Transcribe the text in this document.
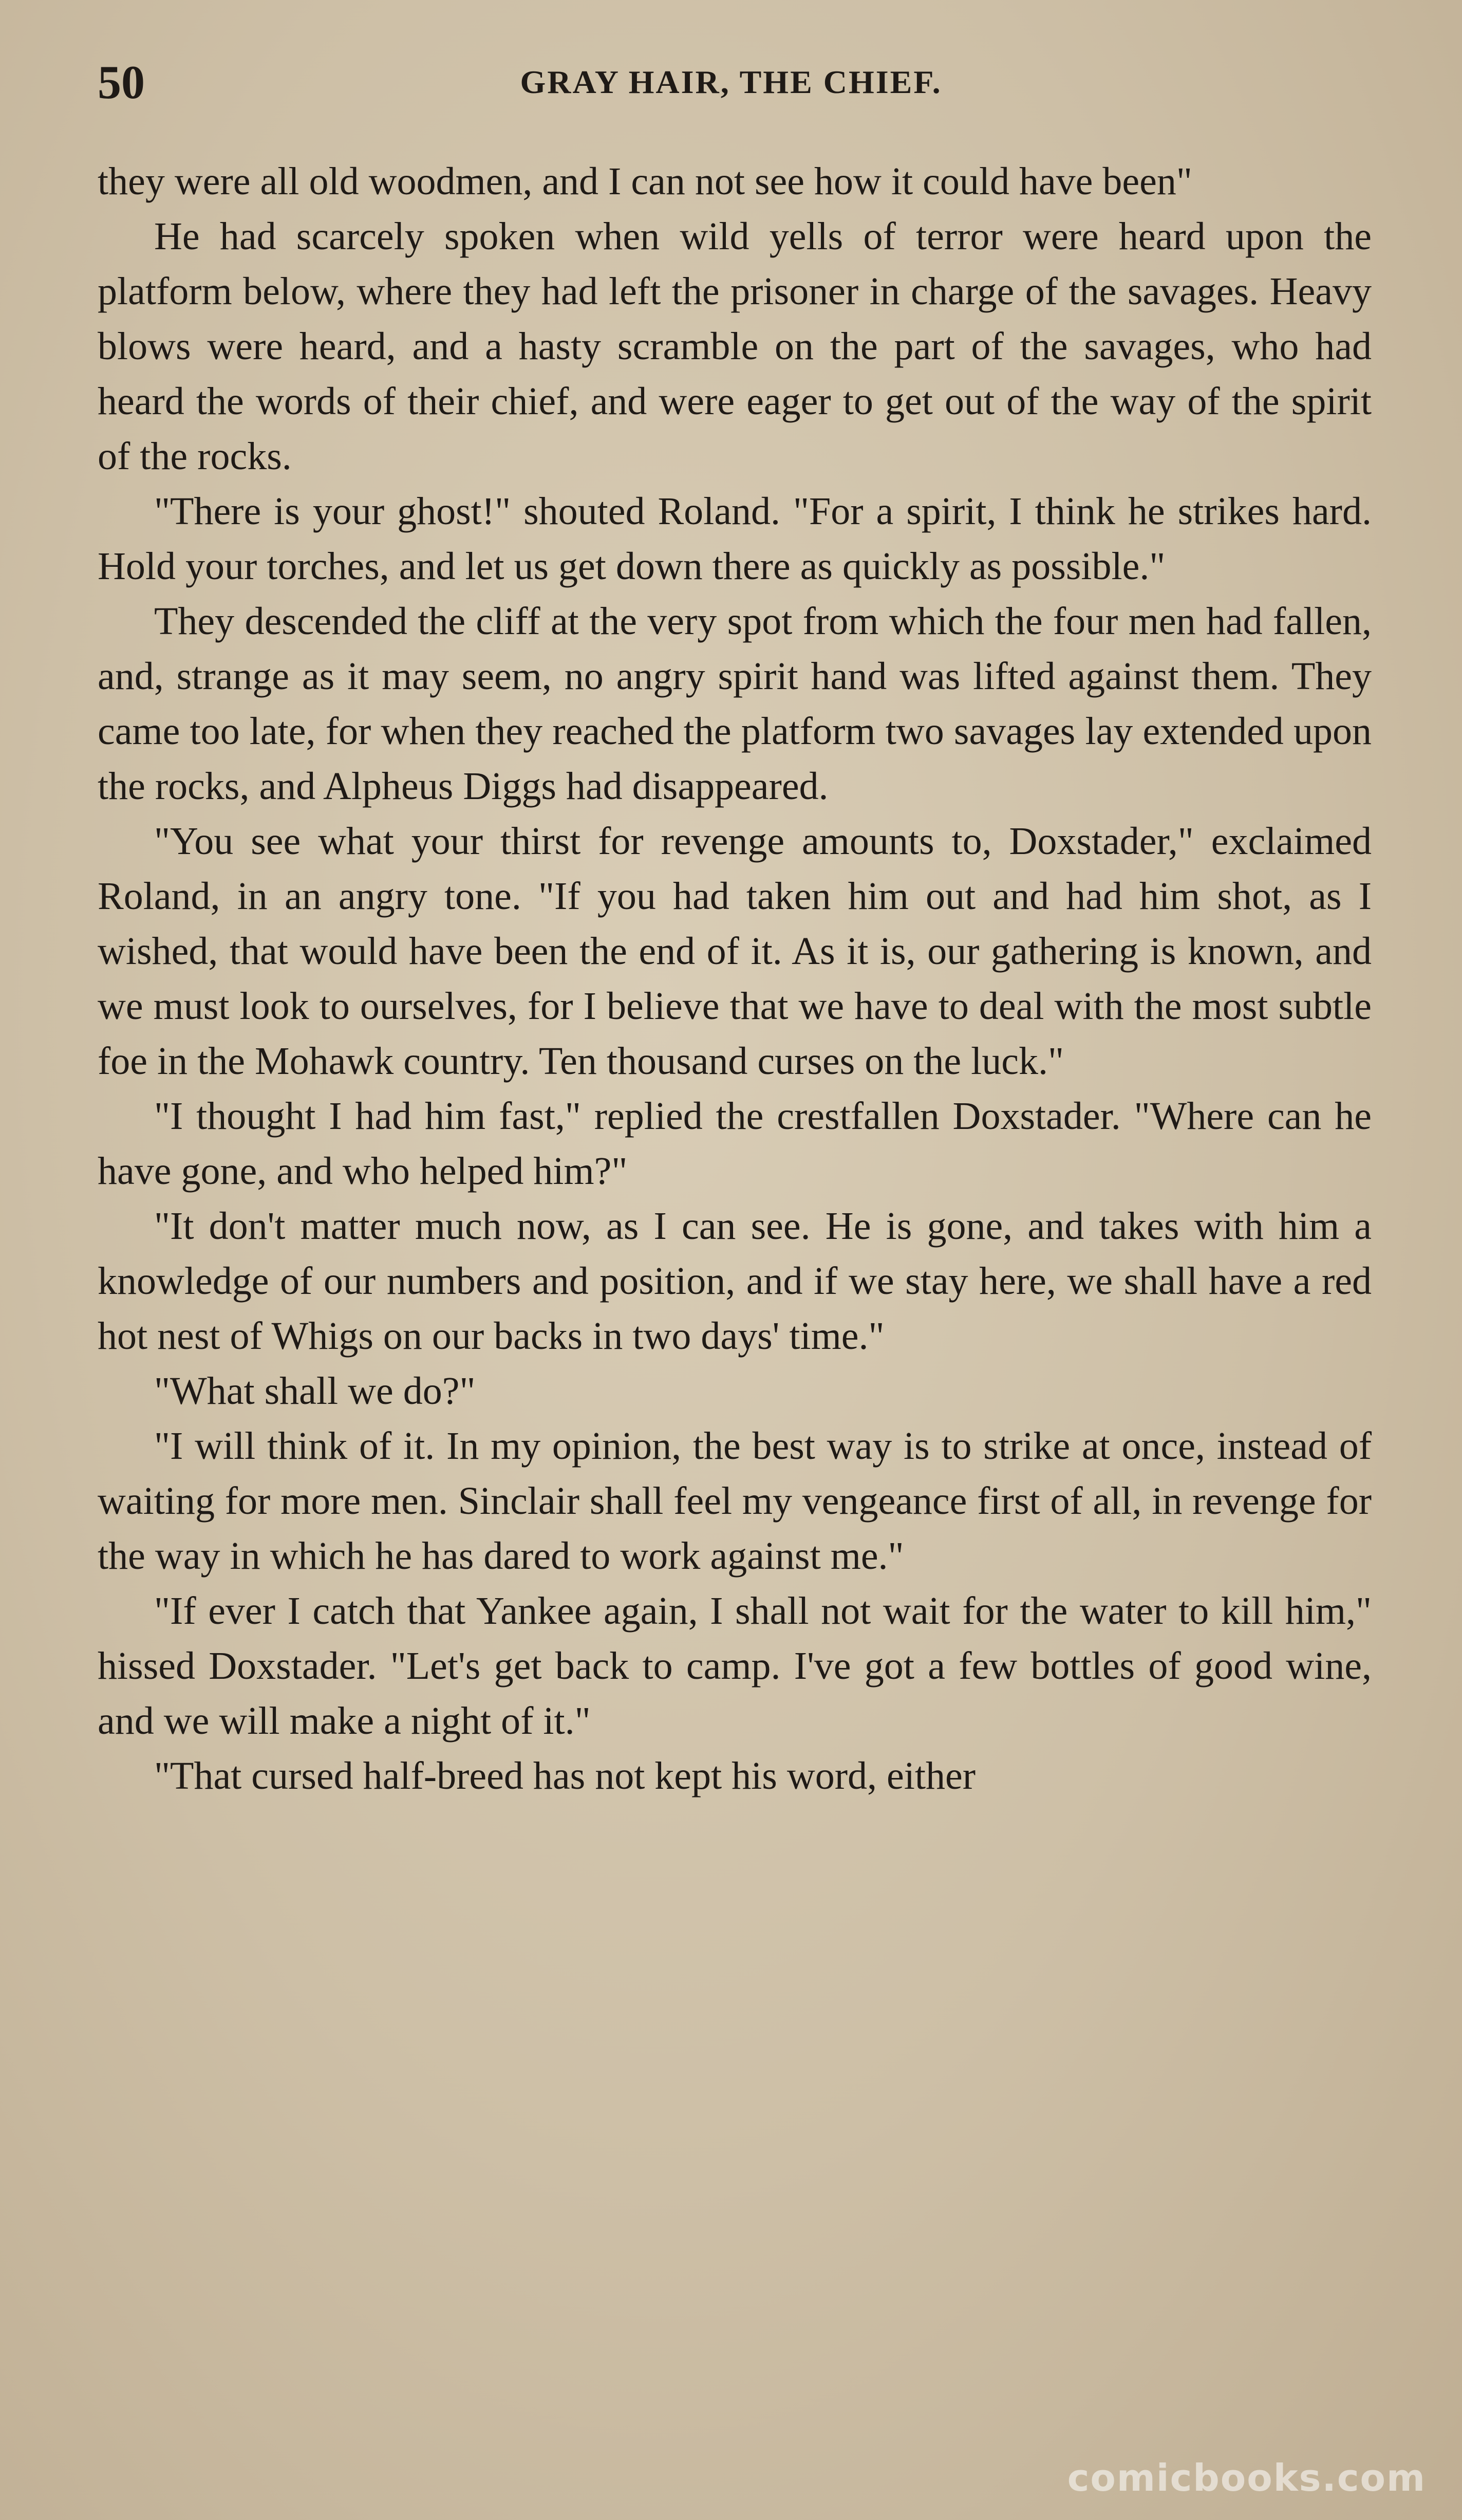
50	GRAY HAIR, THE CHIEF.

they were all old woodmen, and I can not see how it could have been"

He had scarcely spoken when wild yells of terror were heard upon the platform below, where they had left the prisoner in charge of the savages. Heavy blows were heard, and a hasty scramble on the part of the savages, who had heard the words of their chief, and were eager to get out of the way of the spirit of the rocks.

"There is your ghost!" shouted Roland. "For a spirit, I think he strikes hard. Hold your torches, and let us get down there as quickly as possible."

They descended the cliff at the very spot from which the four men had fallen, and, strange as it may seem, no angry spirit hand was lifted against them. They came too late, for when they reached the platform two savages lay extended upon the rocks, and Alpheus Diggs had disappeared.

"You see what your thirst for revenge amounts to, Doxstader," exclaimed Roland, in an angry tone. "If you had taken him out and had him shot, as I wished, that would have been the end of it. As it is, our gathering is known, and we must look to ourselves, for I believe that we have to deal with the most subtle foe in the Mohawk country. Ten thousand curses on the luck."

"I thought I had him fast," replied the crestfallen Doxstader. "Where can he have gone, and who helped him?"

"It don't matter much now, as I can see. He is gone, and takes with him a knowledge of our numbers and position, and if we stay here, we shall have a red hot nest of Whigs on our backs in two days' time."

"What shall we do?"

"I will think of it. In my opinion, the best way is to strike at once, instead of waiting for more men. Sinclair shall feel my vengeance first of all, in revenge for the way in which he has dared to work against me."

"If ever I catch that Yankee again, I shall not wait for the water to kill him," hissed Doxstader. "Let's get back to camp. I've got a few bottles of good wine, and we will make a night of it."

"That cursed half-breed has not kept his word, either

comicbooks.com
